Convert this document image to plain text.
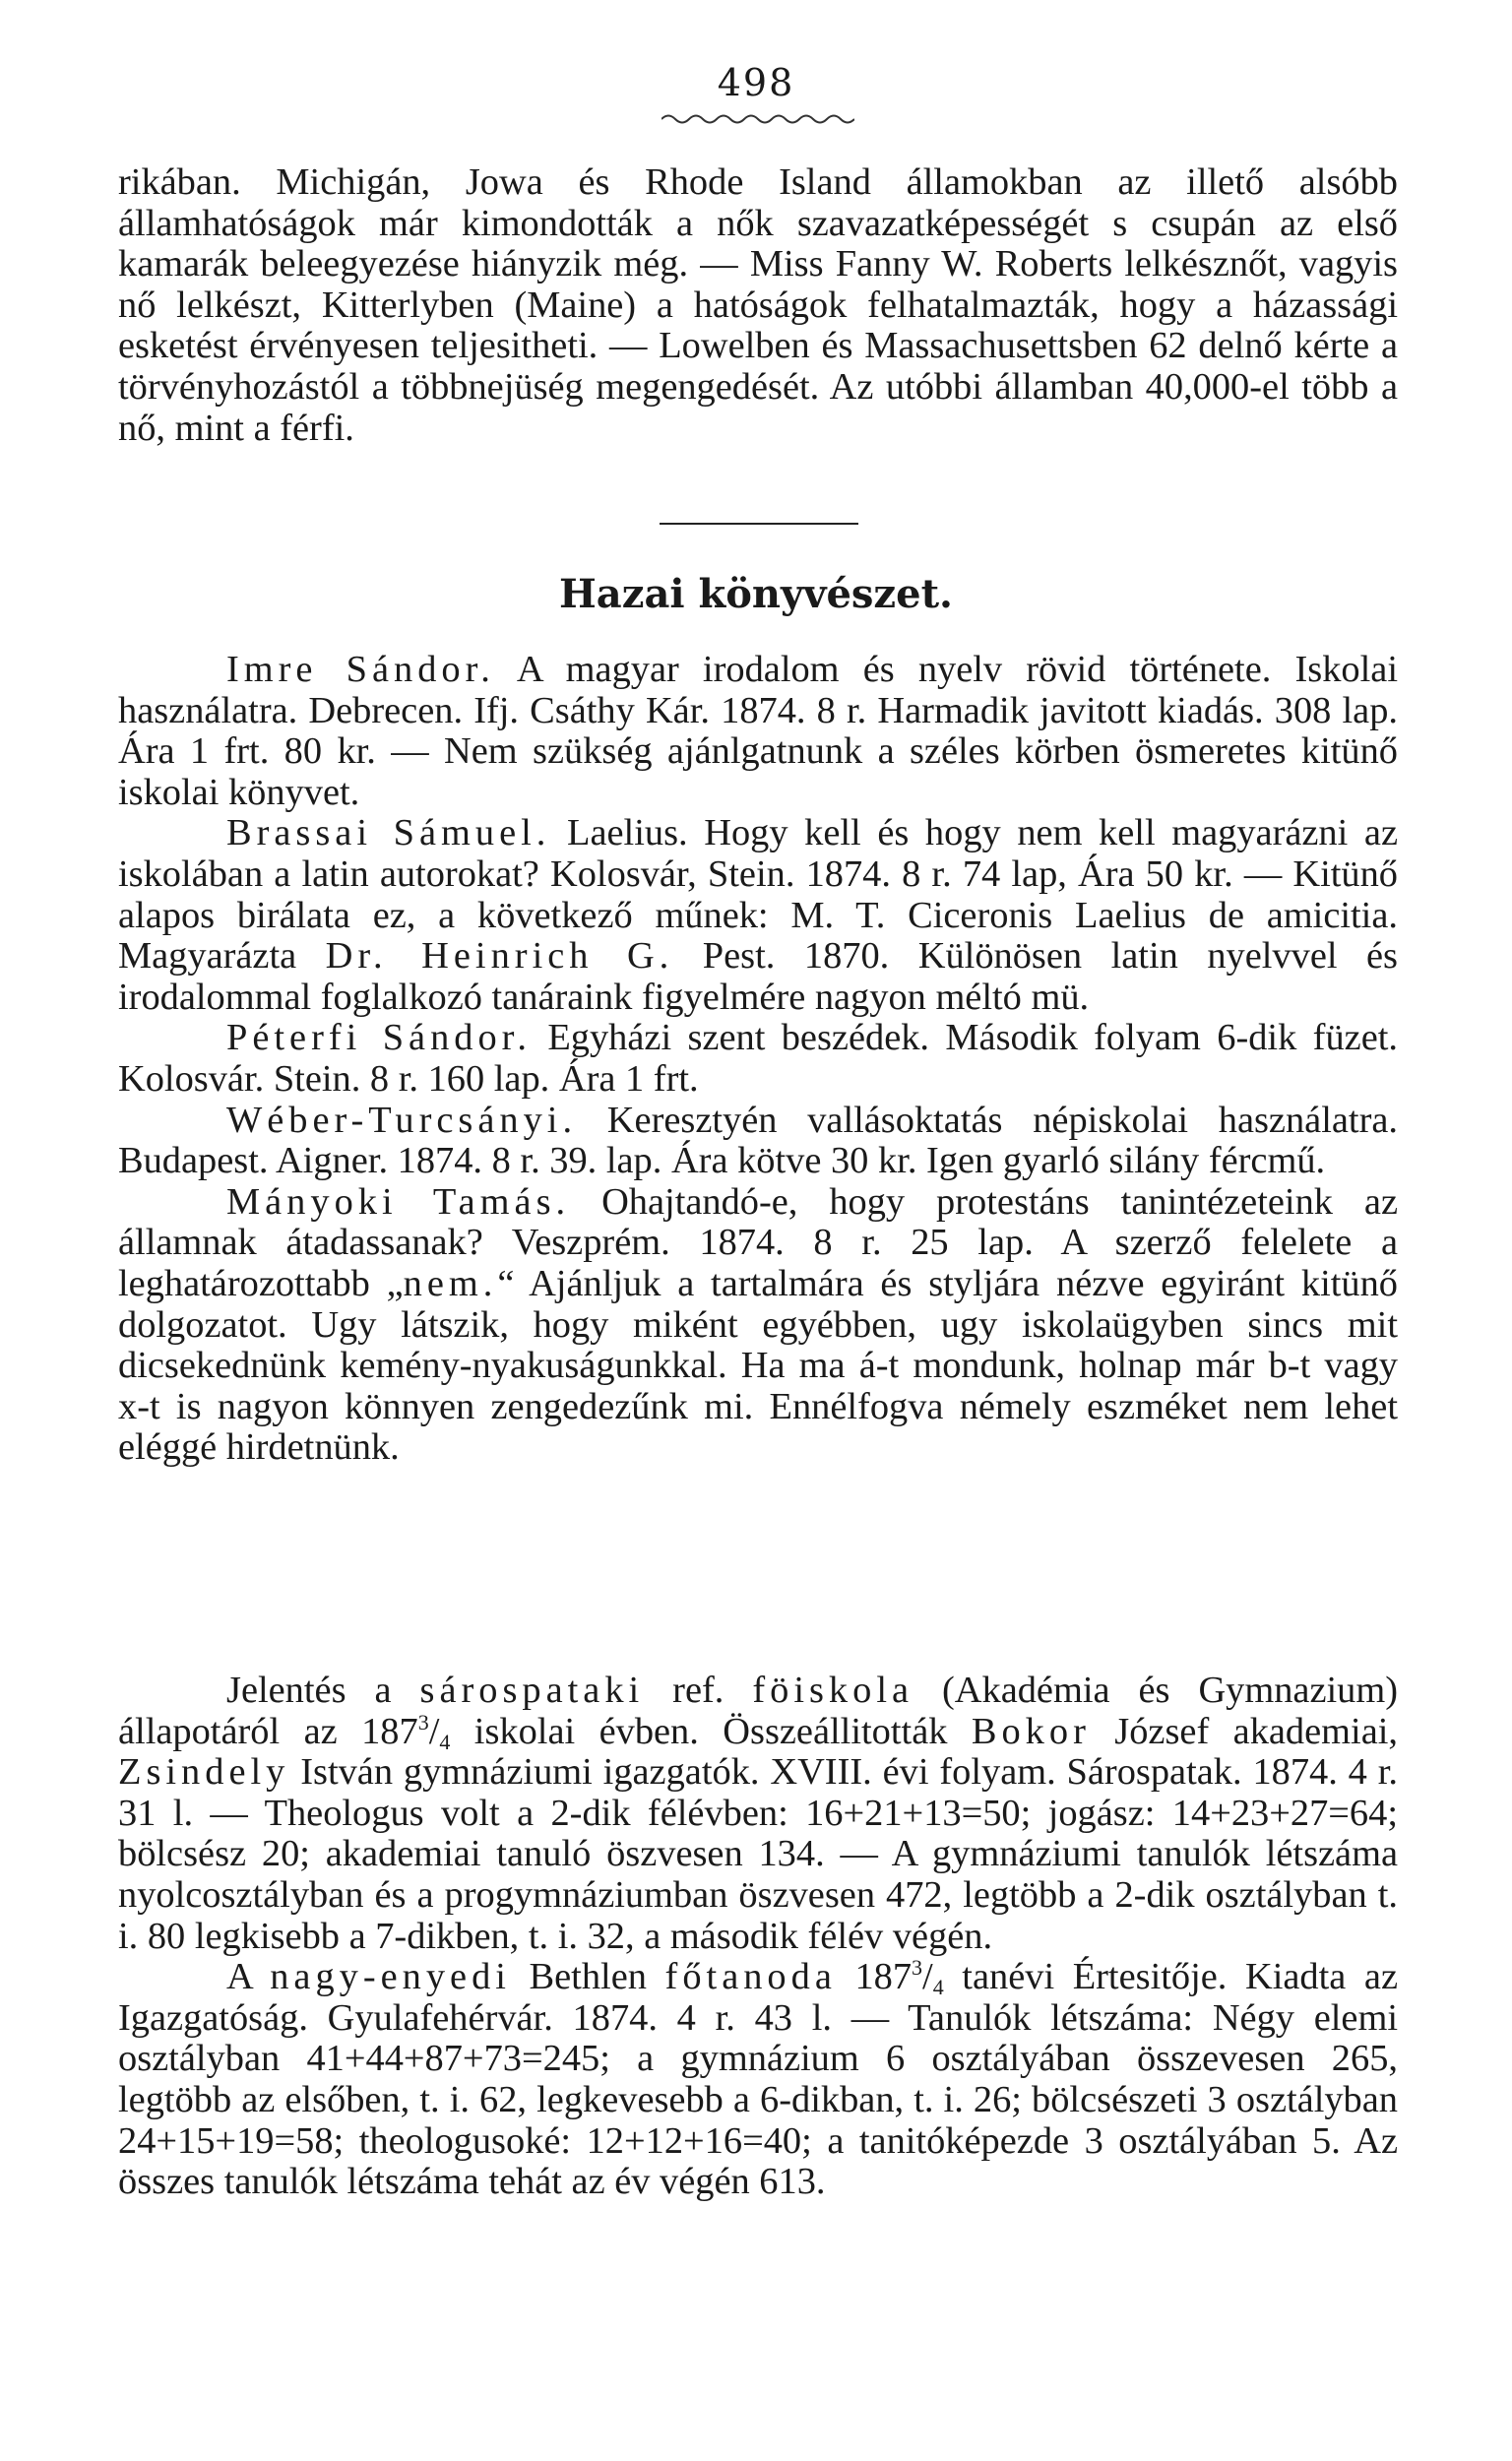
498

rikában. Michigán, Jowa és Rhode Island államokban az illető alsóbb államhatóságok már kimondották a nők szavazatképességét s csupán az első kamarák beleegyezése hiányzik még. — Miss Fanny W. Roberts lelkésznőt, vagyis nő lelkészt, Kitterlyben (Maine) a hatóságok felhatalmazták, hogy a házassági esketést érvényesen teljesitheti. — Lowelben és Massachusettsben 62 delnő kérte a törvényhozástól a többnejüség megengedését. Az utóbbi államban 40,000-el több a nő, mint a férfi.

Hazai könyvészet.

Imre Sándor. A magyar irodalom és nyelv rövid története. Iskolai használatra. Debrecen. Ifj. Csáthy Kár. 1874. 8 r. Harmadik javitott kiadás. 308 lap. Ára 1 frt. 80 kr. — Nem szükség ajánlgatnunk a széles körben ösmeretes kitünő iskolai könyvet.

Brassai Sámuel. Laelius. Hogy kell és hogy nem kell magyarázni az iskolában a latin autorokat? Kolosvár, Stein. 1874. 8 r. 74 lap, Ára 50 kr. — Kitünő alapos birálata ez, a következő műnek: M. T. Ciceronis Laelius de amicitia. Magyarázta Dr. Heinrich G. Pest. 1870. Különösen latin nyelvvel és irodalommal foglalkozó tanáraink figyelmére nagyon méltó mü.

Péterfi Sándor. Egyházi szent beszédek. Második folyam 6-dik füzet. Kolosvár. Stein. 8 r. 160 lap. Ára 1 frt.

Wéber-Turcsányi. Keresztyén vallásoktatás népiskolai használatra. Budapest. Aigner. 1874. 8 r. 39. lap. Ára kötve 30 kr. Igen gyarló silány fércmű.

Mányoki Tamás. Ohajtandó-e, hogy protestáns tanintézeteink az államnak átadassanak? Veszprém. 1874. 8 r. 25 lap. A szerző felelete a leghatározottabb „nem.“ Ajánljuk a tartalmára és styljára nézve egyiránt kitünő dolgozatot. Ugy látszik, hogy miként egyébben, ugy iskolaügyben sincs mit dicsekednünk kemény-nyakuságunkkal. Ha ma á-t mondunk, holnap már b-t vagy x-t is nagyon könnyen zengedezűnk mi. Ennélfogva némely eszméket nem lehet eléggé hirdetnünk.

Jelentés a sárospataki ref. föiskola (Akadémia és Gymnazium) állapotáról az $187^3/_4$ iskolai évben. Összeállitották Bokor József akademiai, Zsindely István gymnáziumi igazgatók. XVIII. évi folyam. Sárospatak. 1874. 4 r. 31 l. — Theologus volt a 2-dik félévben: 16+21+13=50; jogász: 14+23+27=64; bölcsész 20; akademiai tanuló öszvesen 134. — A gymnáziumi tanulók létszáma nyolcosztályban és a progymnáziumban öszvesen 472, legtöbb a 2-dik osztályban t. i. 80 legkisebb a 7-dikben, t. i. 32, a második félév végén.

A nagy-enyedi Bethlen főtanoda $187^3/_4$ tanévi Értesitője. Kiadta az Igazgatóság. Gyulafehérvár. 1874. 4 r. 43 l. — Tanulók létszáma: Négy elemi osztályban 41+44+87+73=245; a gymnázium 6 osztályában összevesen 265, legtöbb az elsőben, t. i. 62, legkevesebb a 6-dikban, t. i. 26; bölcsészeti 3 osztályban 24+15+19=58; theologusoké: 12+12+16=40; a tanitóképezde 3 osztályában 5. Az összes tanulók létszáma tehát az év végén 613.
